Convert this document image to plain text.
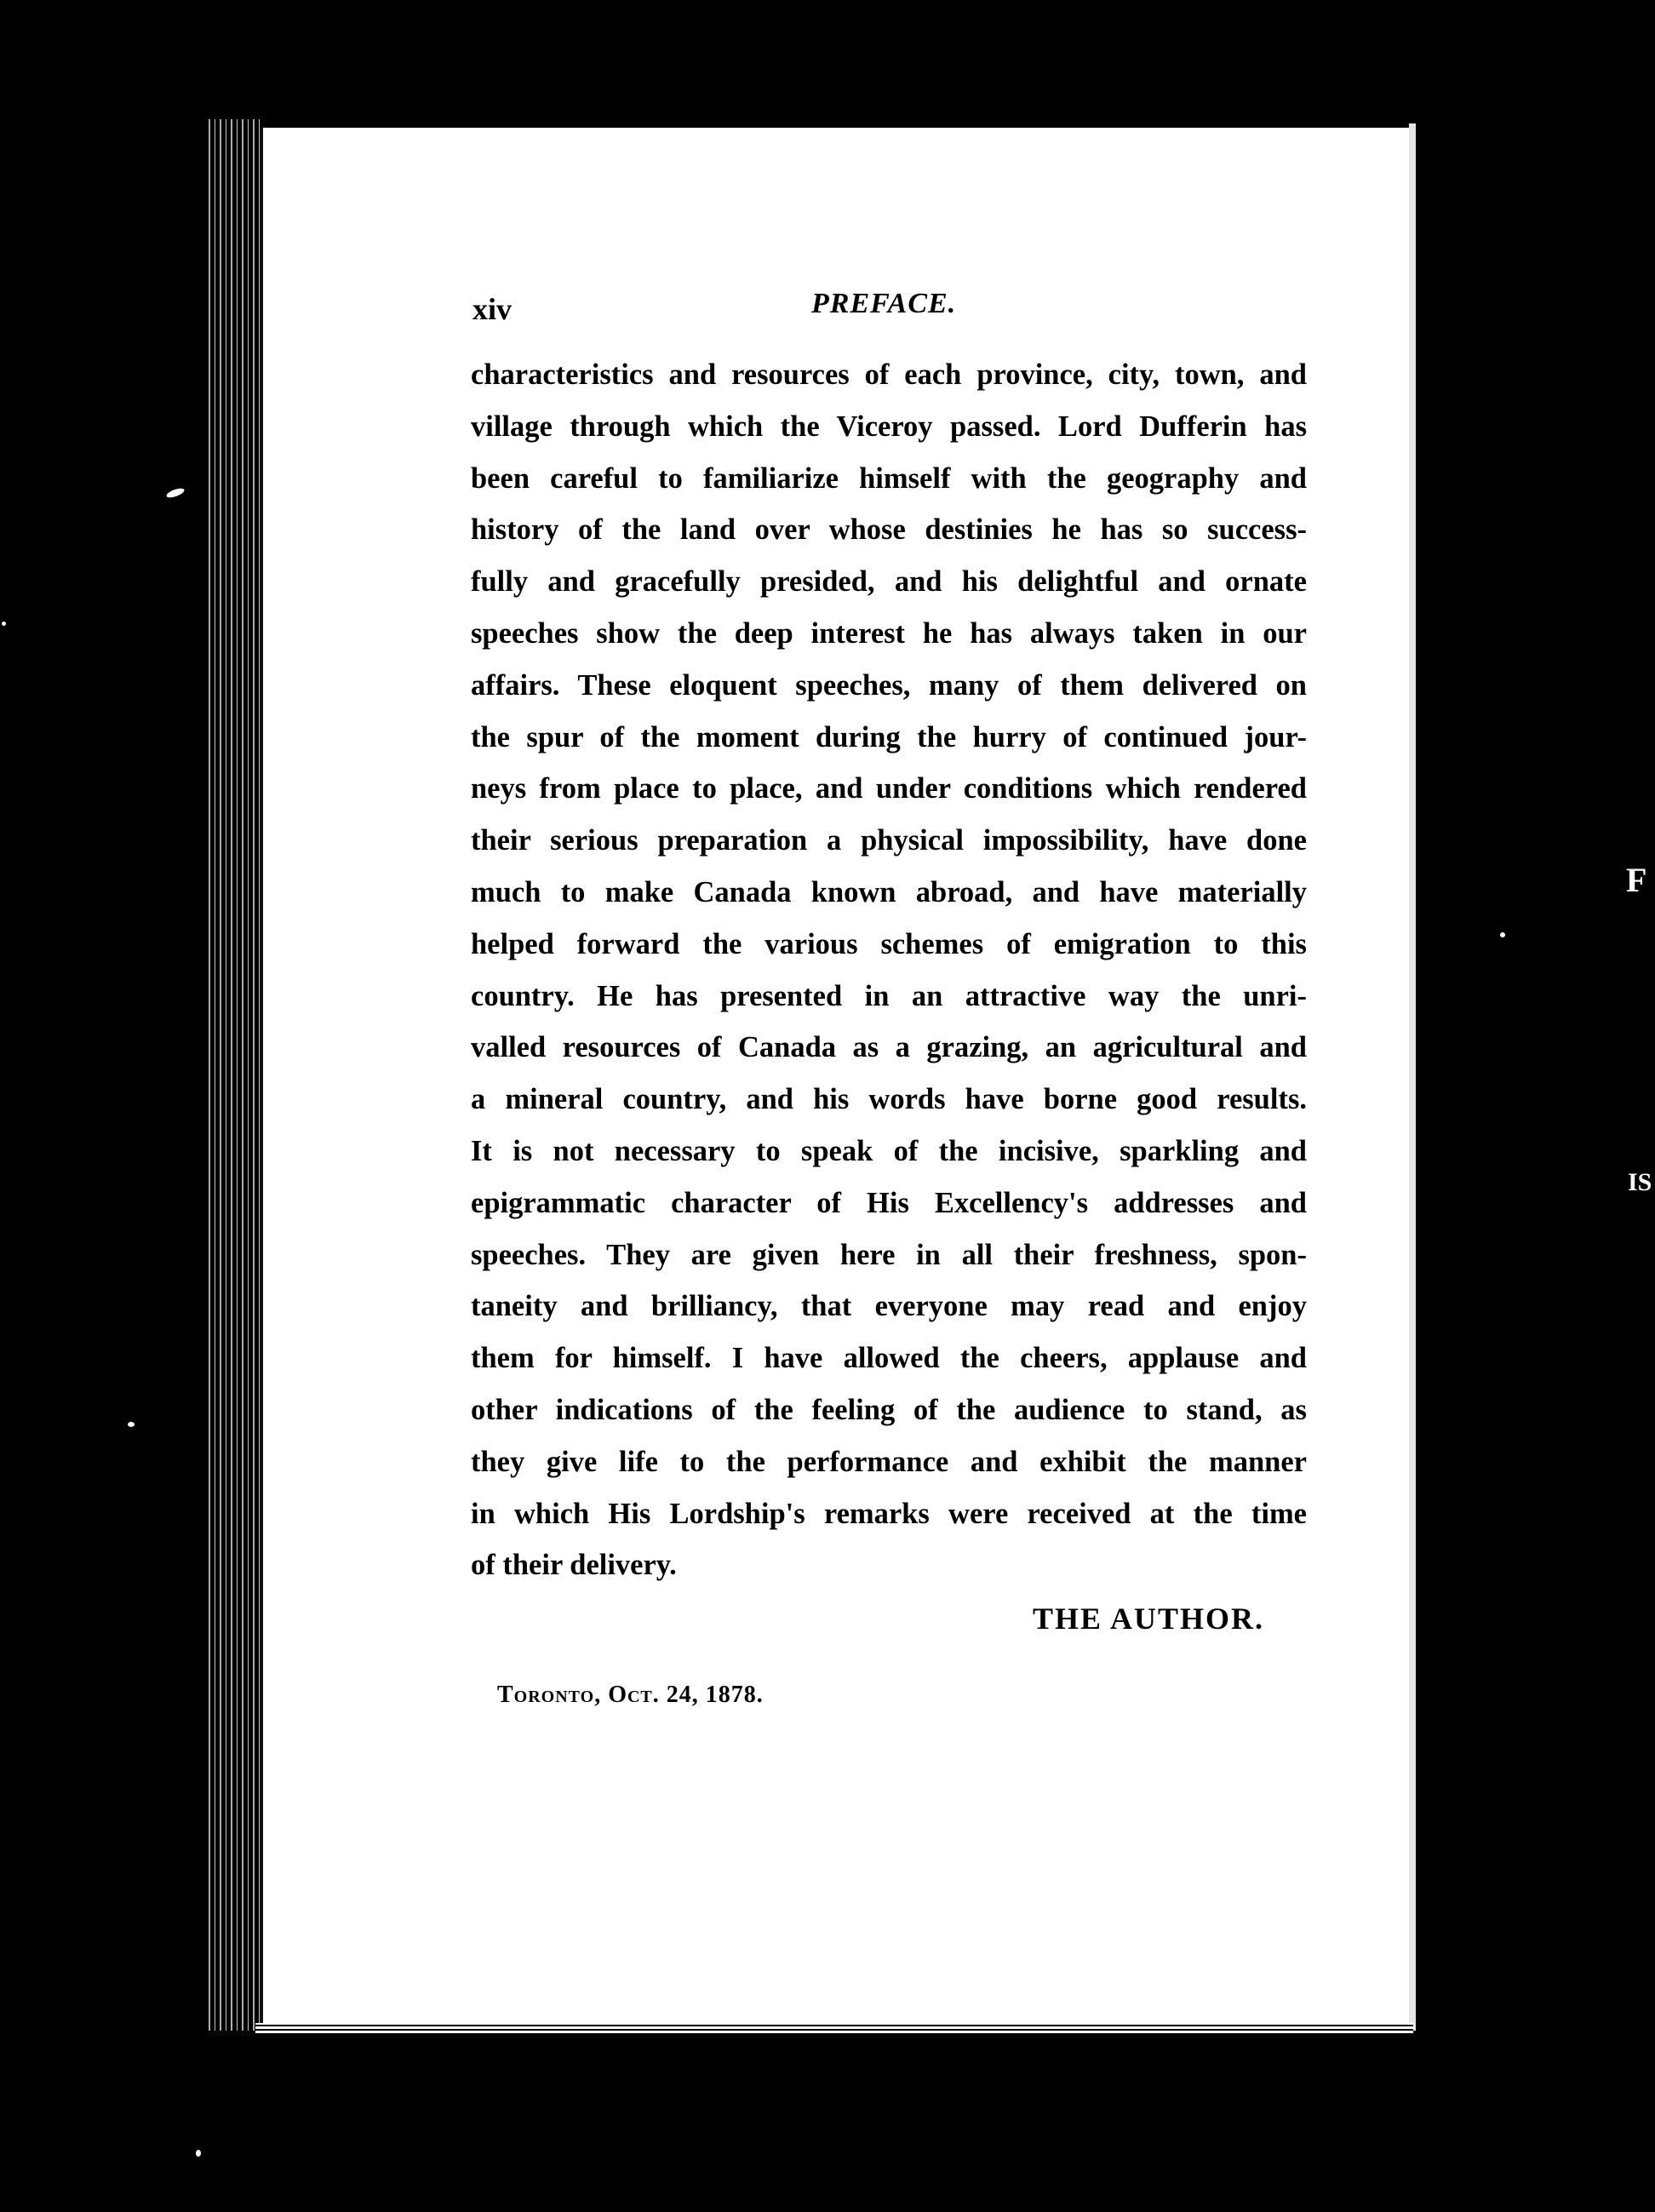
xiv	PREFACE.
characteristics and resources of each province, city, town, and
village through which the Viceroy passed. Lord Dufferin has
been careful to familiarize himself with the geography and
history of the land over whose destinies he has so success-
fully and gracefully presided, and his delightful and ornate
speeches show the deep interest he has always taken in our
affairs. These eloquent speeches, many of them delivered on
the spur of the moment during the hurry of continued jour-
neys from place to place, and under conditions which rendered
their serious preparation a physical impossibility, have done
much to make Canada known abroad, and have materially
helped forward the various schemes of emigration to this
country. He has presented in an attractive way the unri-
valled resources of Canada as a grazing, an agricultural and
a mineral country, and his words have borne good results.
It is not necessary to speak of the incisive, sparkling and
epigrammatic character of His Excellency's addresses and
speeches. They are given here in all their freshness, spon-
taneity and brilliancy, that everyone may read and enjoy
them for himself. I have allowed the cheers, applause and
other indications of the feeling of the audience to stand, as
they give life to the performance and exhibit the manner
in which His Lordship's remarks were received at the time
of their delivery.
THE AUTHOR.
Toronto, Oct. 24, 1878.
F
IS
